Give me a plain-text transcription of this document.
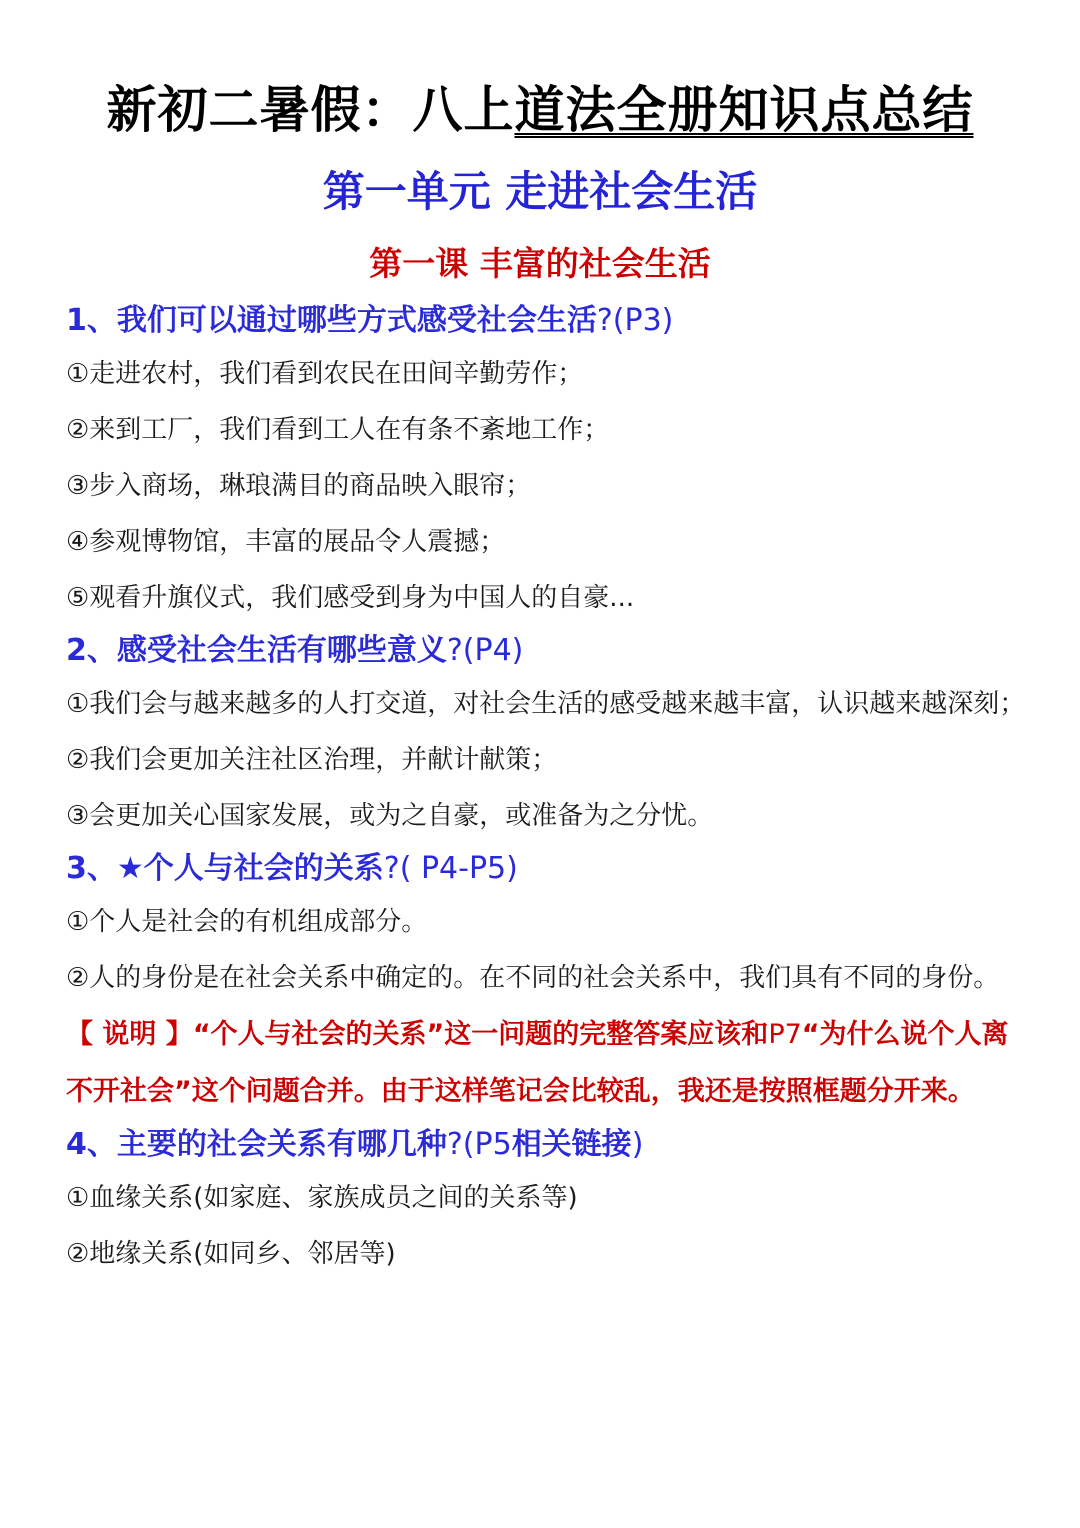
新初二暑假：八上道法全册知识点总结
第一单元 走进社会生活
第一课 丰富的社会生活
1、我们可以通过哪些方式感受社会生活?(P3)
①走进农村，我们看到农民在田间辛勤劳作；
②来到工厂，我们看到工人在有条不紊地工作；
③步入商场，琳琅满目的商品映入眼帘；
④参观博物馆，丰富的展品令人震撼；
⑤观看升旗仪式，我们感受到身为中国人的自豪...
2、感受社会生活有哪些意义?(P4)
①我们会与越来越多的人打交道，对社会生活的感受越来越丰富，认识越来越深刻；
②我们会更加关注社区治理，并献计献策；
③会更加关心国家发展，或为之自豪，或准备为之分忧。
3、★个人与社会的关系?( P4-P5)
①个人是社会的有机组成部分。
②人的身份是在社会关系中确定的。在不同的社会关系中，我们具有不同的身份。
【 说明 】“个人与社会的关系”这一问题的完整答案应该和P7“为什么说个人离不开社会”这个问题合并。由于这样笔记会比较乱，我还是按照框题分开来。
4、主要的社会关系有哪几种?(P5相关链接)
①血缘关系(如家庭、家族成员之间的关系等)
②地缘关系(如同乡、邻居等)
